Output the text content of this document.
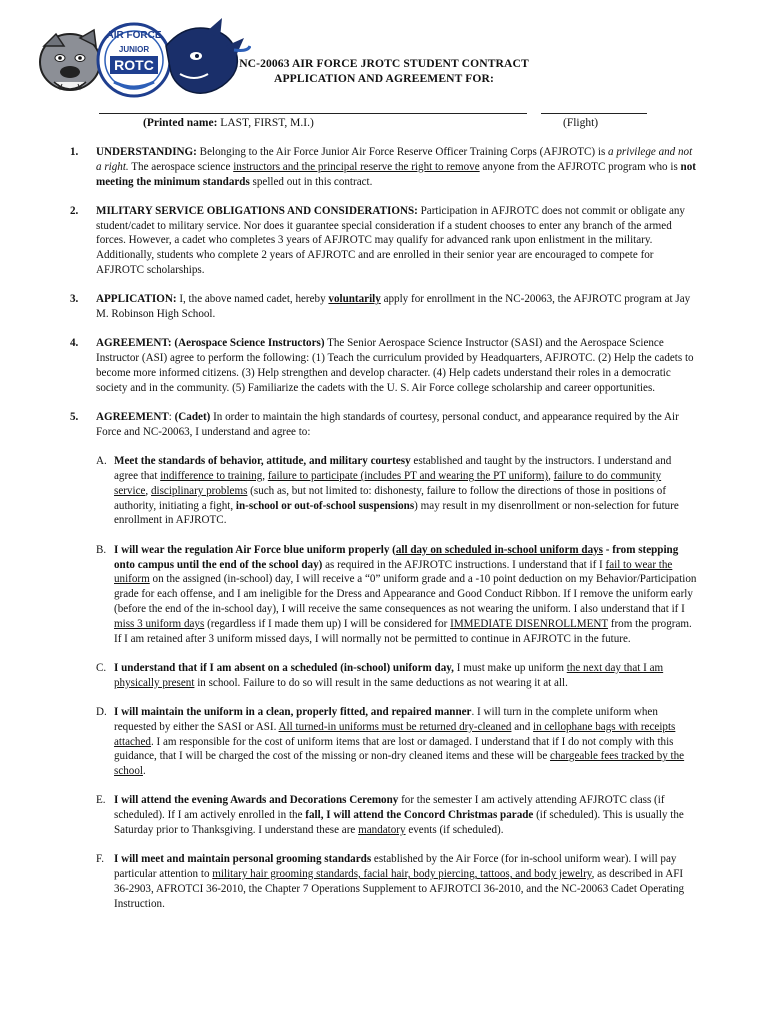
AIR FORCE
JUNIOR
ROTC	NC-20063 AIR FORCE JROTC STUDENT CONTRACT
APPLICATION AND AGREEMENT FOR:
(Printed name: LAST, FIRST, M.I.)	(Flight)
1. UNDERSTANDING: Belonging to the Air Force Junior Air Force Reserve Officer Training Corps (AFJROTC) is a privilege and not a right. The aerospace science instructors and the principal reserve the right to remove anyone from the AFJROTC program who is not meeting the minimum standards spelled out in this contract.
2. MILITARY SERVICE OBLIGATIONS AND CONSIDERATIONS: Participation in AFJROTC does not commit or obligate any student/cadet to military service. Nor does it guarantee special consideration if a student chooses to enter any branch of the armed forces. However, a cadet who completes 3 years of AFJROTC may qualify for advanced rank upon enlistment in the military. Additionally, students who complete 2 years of AFJROTC and are enrolled in their senior year are encouraged to compete for AFJROTC scholarships.
3. APPLICATION: I, the above named cadet, hereby voluntarily apply for enrollment in the NC-20063, the AFJROTC program at Jay M. Robinson High School.
4. AGREEMENT: (Aerospace Science Instructors) The Senior Aerospace Science Instructor (SASI) and the Aerospace Science Instructor (ASI) agree to perform the following: (1) Teach the curriculum provided by Headquarters, AFJROTC. (2) Help the cadets to become more informed citizens. (3) Help strengthen and develop character. (4) Help cadets understand their roles in a democratic society and in the community. (5) Familiarize the cadets with the U. S. Air Force college scholarship and career opportunities.
5. AGREEMENT: (Cadet) In order to maintain the high standards of courtesy, personal conduct, and appearance required by the Air Force and NC-20063, I understand and agree to:
A. Meet the standards of behavior, attitude, and military courtesy established and taught by the instructors. I understand and agree that indifference to training, failure to participate (includes PT and wearing the PT uniform), failure to do community service, disciplinary problems (such as, but not limited to: dishonesty, failure to follow the directions of those in positions of authority, initiating a fight, in-school or out-of-school suspensions) may result in my disenrollment or non-selection for future enrollment in AFJROTC.
B. I will wear the regulation Air Force blue uniform properly (all day on scheduled in-school uniform days - from stepping onto campus until the end of the school day) as required in the AFJROTC instructions. I understand that if I fail to wear the uniform on the assigned (in-school) day, I will receive a “0” uniform grade and a -10 point deduction on my Behavior/Participation grade for each offense, and I am ineligible for the Dress and Appearance and Good Conduct Ribbon. If I remove the uniform early (before the end of the in-school day), I will receive the same consequences as not wearing the uniform. I also understand that if I miss 3 uniform days (regardless if I made them up) I will be considered for IMMEDIATE DISENROLLMENT from the program. If I am retained after 3 uniform missed days, I will normally not be permitted to continue in AFJROTC in the future.
C. I understand that if I am absent on a scheduled (in-school) uniform day, I must make up uniform the next day that I am physically present in school. Failure to do so will result in the same deductions as not wearing it at all.
D. I will maintain the uniform in a clean, properly fitted, and repaired manner. I will turn in the complete uniform when requested by either the SASI or ASI. All turned-in uniforms must be returned dry-cleaned and in cellophane bags with receipts attached. I am responsible for the cost of uniform items that are lost or damaged. I understand that if I do not comply with this guidance, that I will be charged the cost of the missing or non-dry cleaned items and these will be chargeable fees tracked by the school.
E. I will attend the evening Awards and Decorations Ceremony for the semester I am actively attending AFJROTC class (if scheduled). If I am actively enrolled in the fall, I will attend the Concord Christmas parade (if scheduled). This is usually the Saturday prior to Thanksgiving. I understand these are mandatory events (if scheduled).
F. I will meet and maintain personal grooming standards established by the Air Force (for in-school uniform wear). I will pay particular attention to military hair grooming standards, facial hair, body piercing, tattoos, and body jewelry, as described in AFI 36-2903, AFROTCI 36-2010, the Chapter 7 Operations Supplement to AFJROTCI 36-2010, and the NC-20063 Cadet Operating Instruction.
